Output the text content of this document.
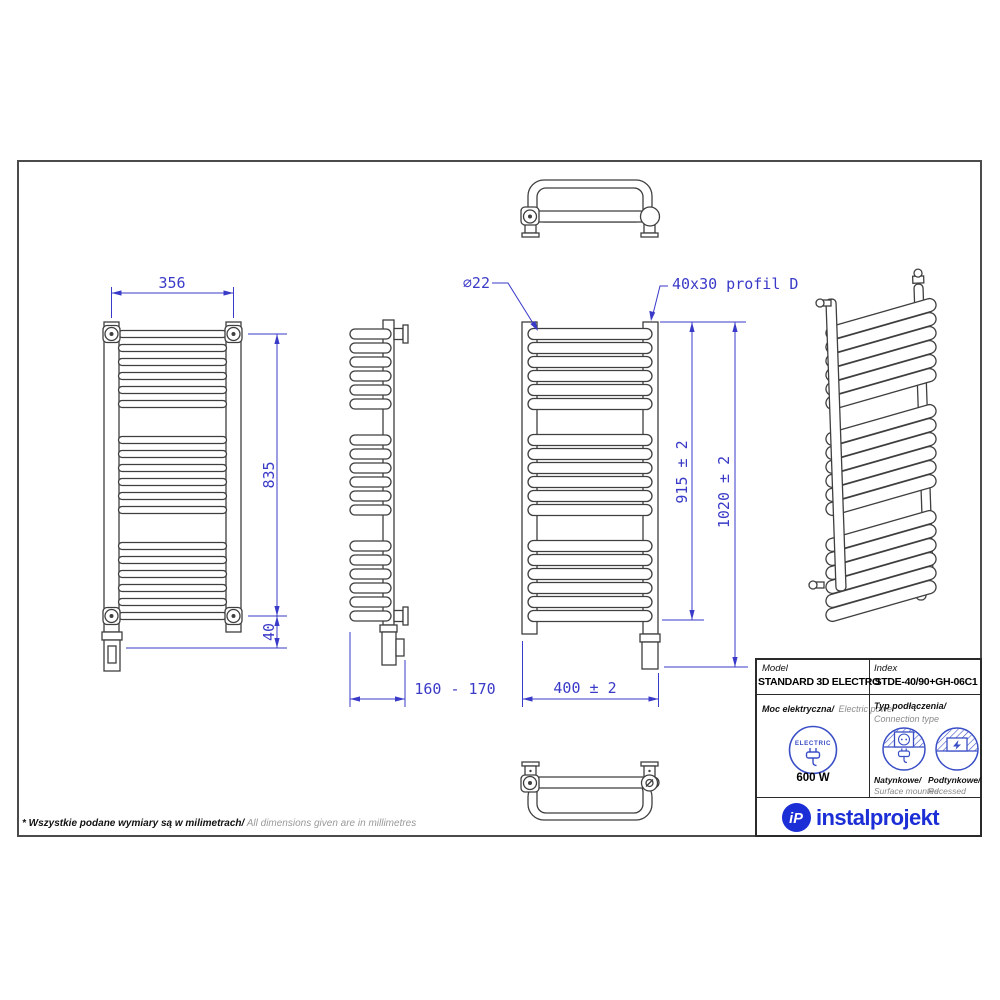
356
835
40
160 - 170
∅22	40x30 profil D
915 ± 2 1020 ± 2
400 ± 2
Model
STANDARD 3D ELECTRO
Index
STDE-40/90+GH-06C1
Moc elektryczna/ Electric power
ELECTRIC
600 W
Typ podłączenia/
Connection type
Natynkowe/
Surface mounted
Podtynkowe/
Recessed
iP instalprojekt
* Wszystkie podane wymiary są w milimetrach/ All dimensions given are in millimetres
